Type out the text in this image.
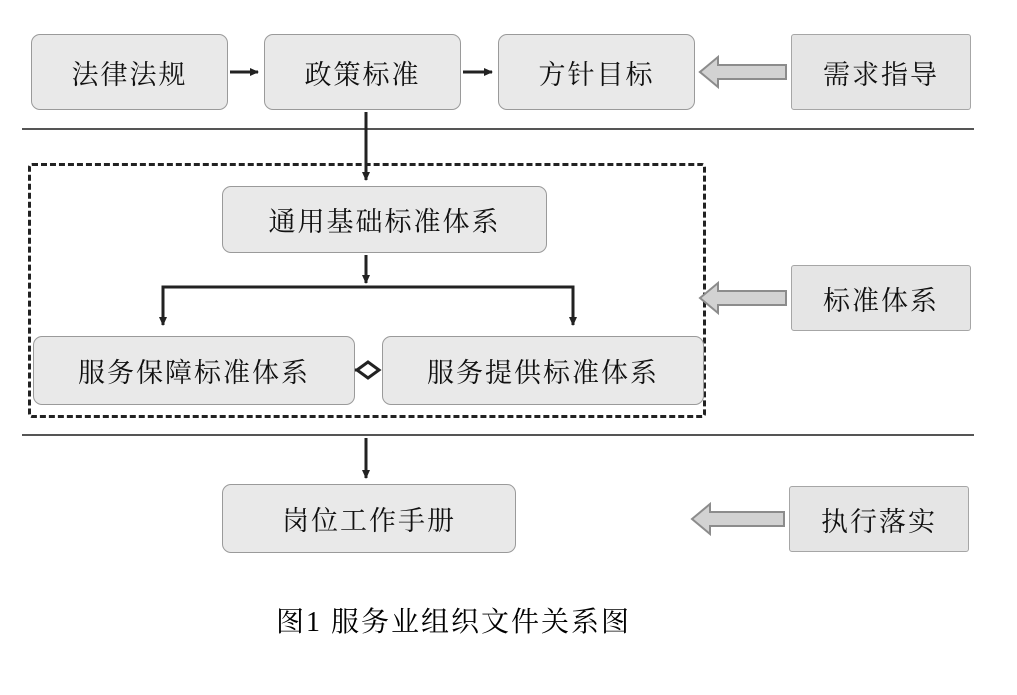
法律法规	政策标准	方针目标	需求指导
通用基础标准体系
服务保障标准体系	服务提供标准体系
标准体系
岗位工作手册	执行落实
图1 服务业组织文件关系图
